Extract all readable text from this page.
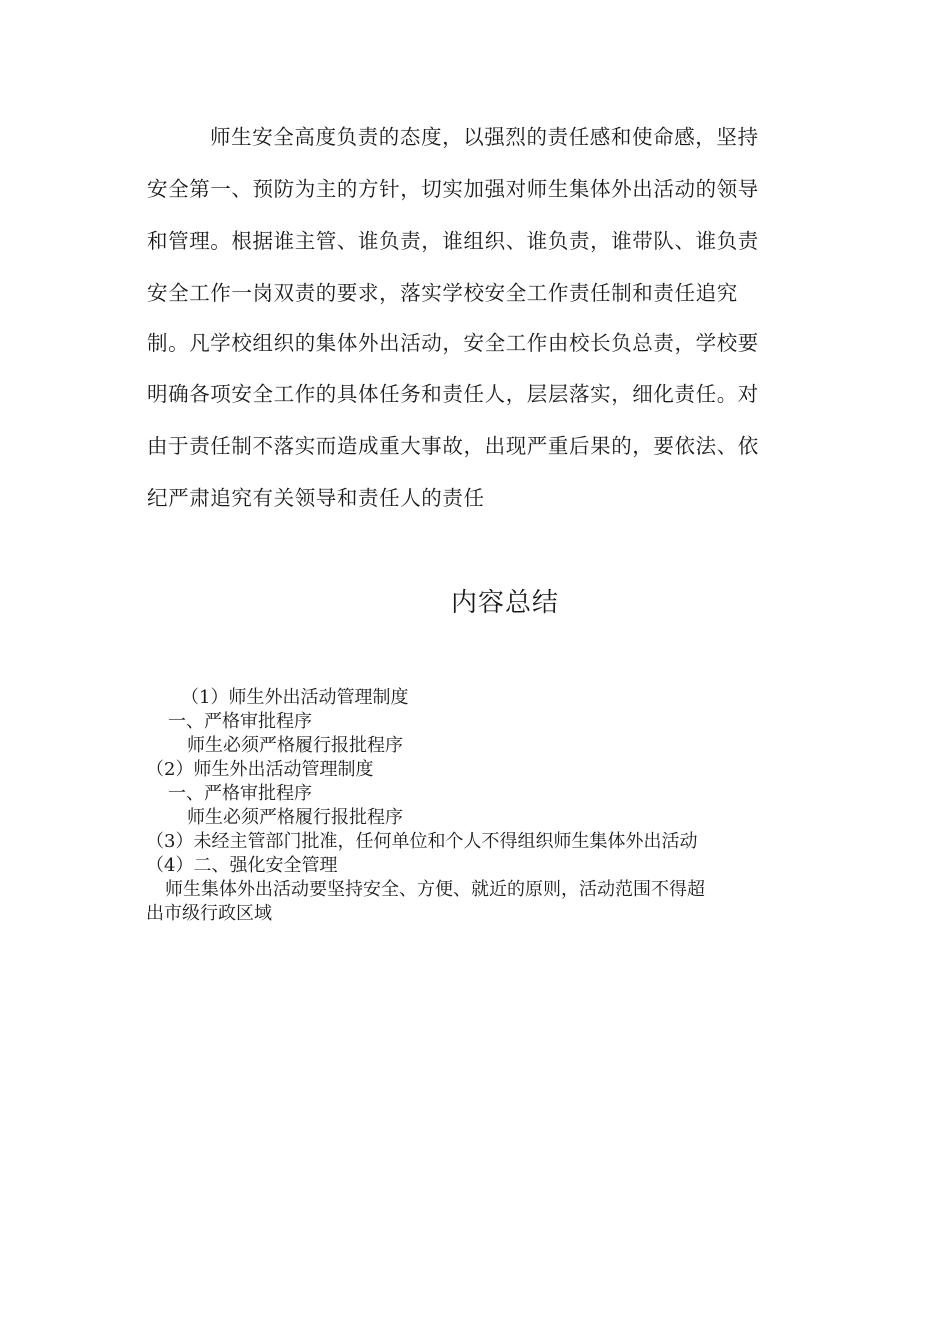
师生安全高度负责的态度，以强烈的责任感和使命感，坚持
安全第一、预防为主的方针，切实加强对师生集体外出活动的领导
和管理。根据谁主管、谁负责，谁组织、谁负责，谁带队、谁负责
安全工作一岗双责的要求，落实学校安全工作责任制和责任追究
制。凡学校组织的集体外出活动，安全工作由校长负总责，学校要
明确各项安全工作的具体任务和责任人，层层落实，细化责任。对
由于责任制不落实而造成重大事故，出现严重后果的，要依法、依
纪严肃追究有关领导和责任人的责任
内容总结
（1）师生外出活动管理制度
一、严格审批程序
师生必须严格履行报批程序
（2）师生外出活动管理制度
一、严格审批程序
师生必须严格履行报批程序
（3）未经主管部门批准，任何单位和个人不得组织师生集体外出活动
（4）二、强化安全管理
师生集体外出活动要坚持安全、方便、就近的原则，活动范围不得超
出市级行政区域
